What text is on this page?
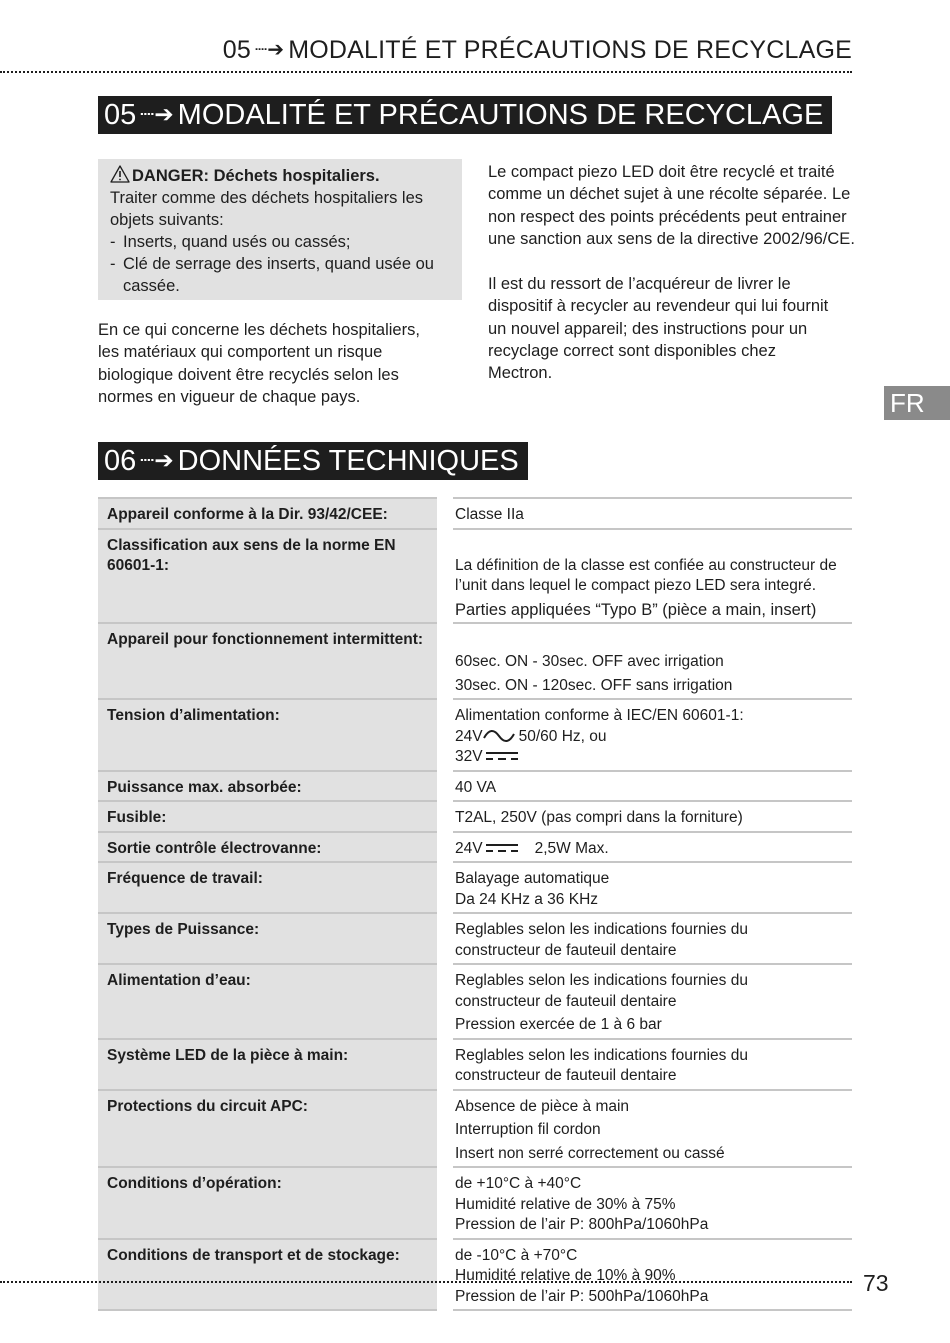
05 ┈➔ MODALITÉ ET PRÉCAUTIONS DE RECYCLAGE
05 ┈➔ MODALITÉ ET PRÉCAUTIONS DE RECYCLAGE
DANGER: Déchets hospitaliers.
Traiter comme des déchets hospitaliers les objets suivants:
- Inserts, quand usés ou cassés;
- Clé de serrage des inserts, quand usée ou cassée.

En ce qui concerne les déchets hospitaliers, les matériaux qui comportent un risque biologique doivent être recyclés selon les normes en vigueur de chaque pays.

Le compact piezo LED doit être recyclé et traité comme un déchet sujet à une récolte séparée. Le non respect des points précédents peut entrainer une sanction aux sens de la directive 2002/96/CE.

Il est du ressort de l’acquéreur de livrer le dispositif à recycler au revendeur qui lui fournit un nouvel appareil; des instructions pour un recyclage correct sont disponibles chez Mectron.

FR
06 ┈➔ DONNÉES TECHNIQUES
Appareil conforme à la Dir. 93/42/CEE:	Classe IIa

Classification aux sens de la norme EN 60601-1:	La définition de la classe est confiée au constructeur de l’unit dans lequel le compact piezo LED sera integré.
Parties appliquées “Typo B” (pièce a main, insert)

Appareil pour fonctionnement intermittent:	60sec. ON - 30sec. OFF avec irrigation
30sec. ON - 120sec. OFF sans irrigation

Tension d’alimentation:	Alimentation conforme à IEC/EN 60601-1:
24V 50/60 Hz, ou
32V

Puissance max. absorbée:	40 VA

Fusible:	T2AL, 250V (pas compri dans la forniture)

Sortie contrôle électrovanne:	24V 2,5W Max.

Fréquence de travail:	Balayage automatique
Da 24 KHz a 36 KHz

Types de Puissance:	Reglables selon les indications fournies du constructeur de fauteuil dentaire

Alimentation d’eau:	Reglables selon les indications fournies du constructeur de fauteuil dentaire
Pression exercée de 1 à 6 bar

Système LED de la pièce à main:	Reglables selon les indications fournies du constructeur de fauteuil dentaire

Protections du circuit APC:	Absence de pièce à main
Interruption fil cordon
Insert non serré correctement ou cassé

Conditions d’opération:	de +10°C à +40°C
Humidité relative de 30% à 75%
Pression de l’air P: 800hPa/1060hPa

Conditions de transport et de stockage:	de -10°C à +70°C
Humidité relative de 10% à 90%
Pression de l’air P: 500hPa/1060hPa	73
